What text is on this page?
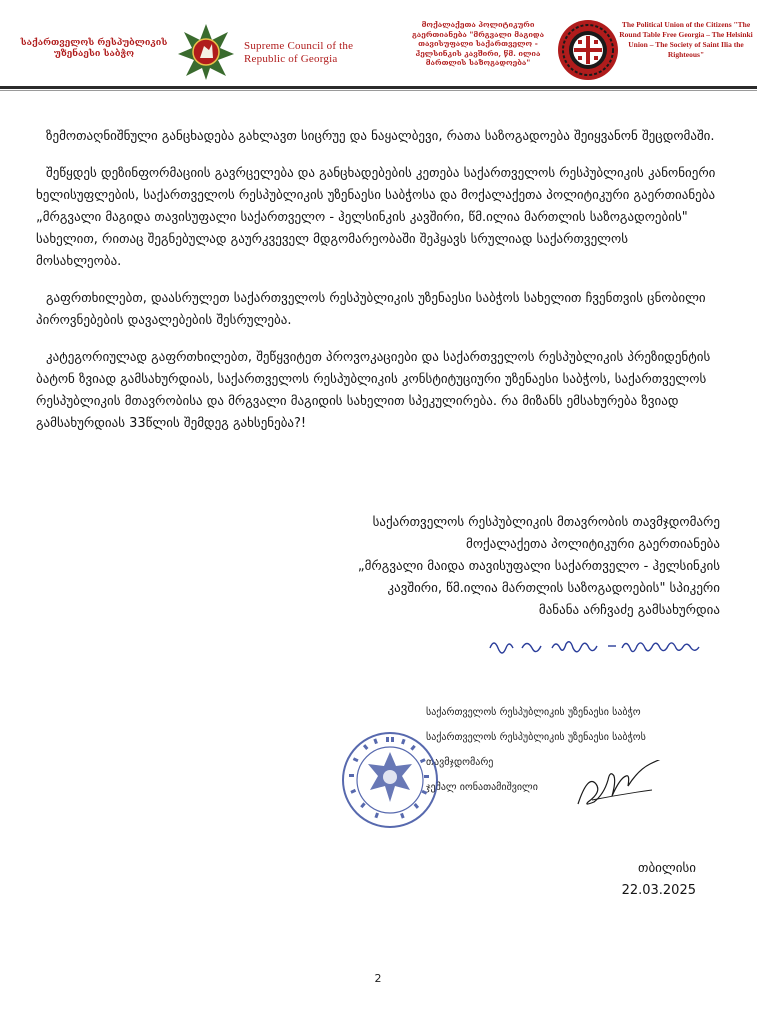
საქართველოს რესპუბლიკის უზენაესი საბჭო
Supreme Council of the Republic of Georgia
მოქალაქეთა პოლიტიკური გაერთიანება "მრგვალი მაგიდა თავისუფალი საქართველო - ჰელსინკის კავშირი, წმ. ილია მართლის საზოგადოება"
The Political Union of the Citizens "The Round Table Free Georgia – The Helsinki Union – The Society of Saint Ilia the Righteous"

ზემოთაღნიშნული განცხადება გახლავთ სიცრუე და ნაყალბევი, რათა საზოგადოება შეიყვანონ შეცდომაში.

შეწყდეს დეზინფორმაციის გავრცელება და განცხადებების კეთება საქართველოს რესპუბლიკის კანონიერი ხელისუფლების, საქართველოს რესპუბლიკის უზენაესი საბჭოსა და მოქალაქეთა პოლიტიკური გაერთიანება „მრგვალი მაგიდა თავისუფალი საქართველო - ჰელსინკის კავშირი, წმ.ილია მართლის საზოგადოების" სახელით, რითაც შეგნებულად გაურკვეველ მდგომარეობაში შეჰყავს სრულიად საქართველოს მოსახლეობა.

გაფრთხილებთ, დაასრულეთ საქართველოს რესპუბლიკის უზენაესი საბჭოს სახელით ჩვენთვის ცნობილი პიროვნებების დავალებების შესრულება.

კატეგორიულად გაფრთხილებთ, შეწყვიტეთ პროვოკაციები და საქართველოს რესპუბლიკის პრეზიდენტის ბატონ ზვიად გამსახურდიას, საქართველოს რესპუბლიკის კონსტიტუციური უზენაესი საბჭოს, საქართველოს რესპუბლიკის მთავრობისა და მრგვალი მაგიდის სახელით სპეკულირება. რა მიზანს ემსახურება ზვიად გამსახურდიას 33წლის შემდეგ გახსენება?!

საქართველოს რესპუბლიკის მთავრობის თავმჯდომარე
მოქალაქეთა პოლიტიკური გაერთიანება
„მრგვალი მაიდა თავისუფალი საქართველო - ჰელსინკის
კავშირი, წმ.ილია მართლის საზოგადოების" სპიკერი
მანანა არჩვაძე გამსახურდია
საქართველოს რესპუბლიკის უზენაესი საბჭო
საქართველოს რესპუბლიკის უზენაესი საბჭოს
თავმჯდომარე
ჯემალ იონათამიშვილი
თბილისი
22.03.2025
2
